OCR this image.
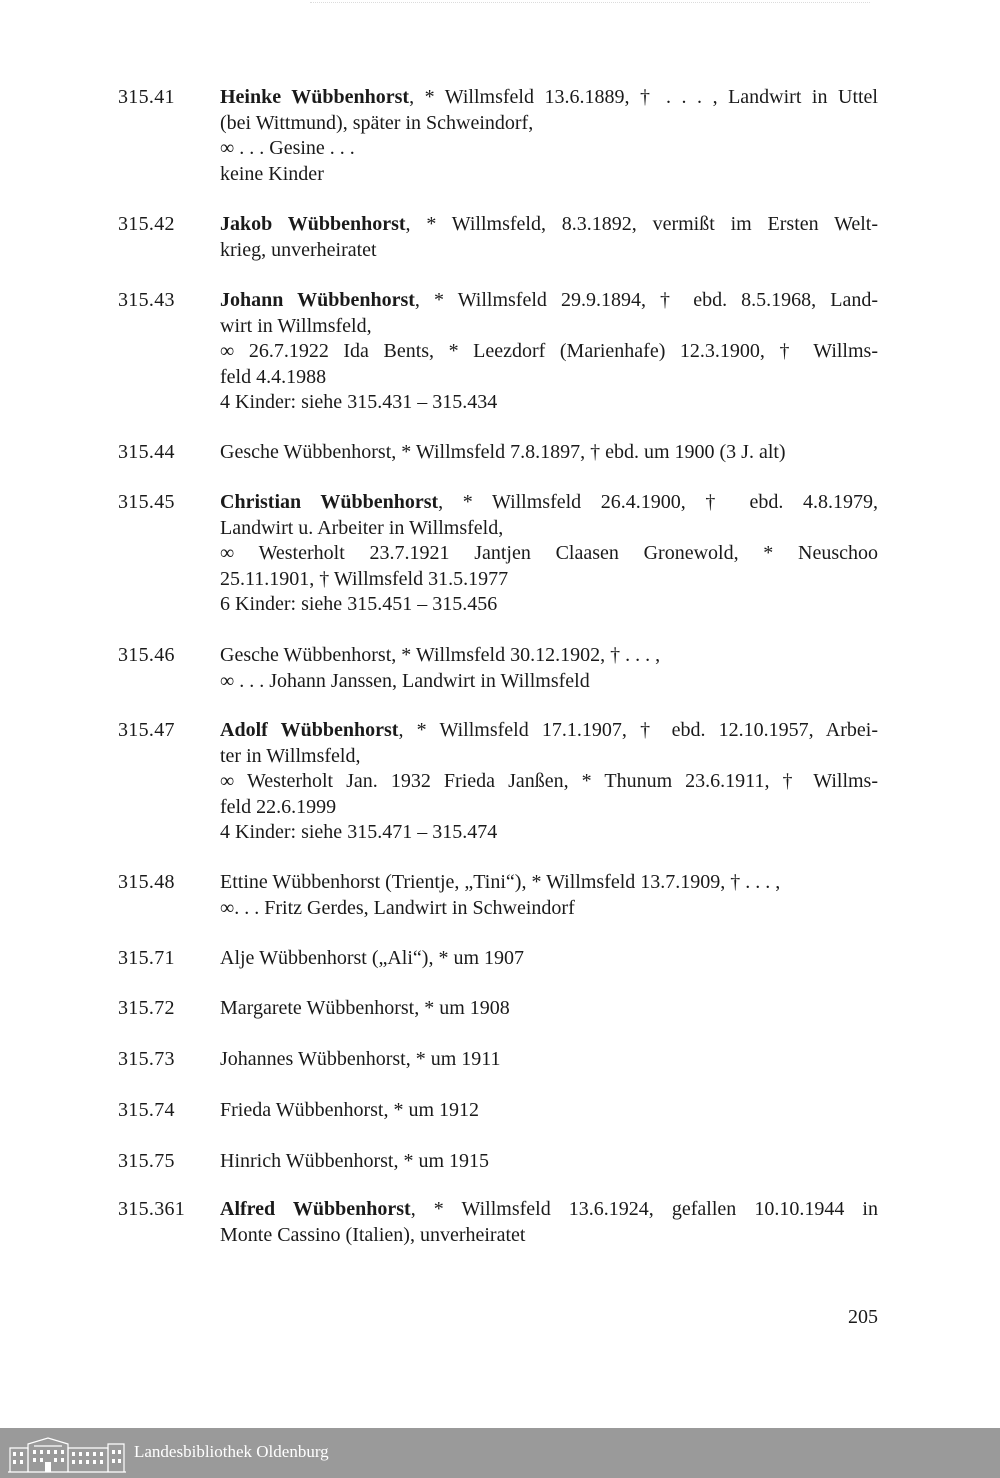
315.41	Heinke Wübbenhorst, * Willmsfeld 13.6.1889, † . . . , Landwirt in Uttel
(bei Wittmund), später in Schweindorf,
∞ . . . Gesine . . .
keine Kinder
315.42	Jakob Wübbenhorst, * Willmsfeld, 8.3.1892, vermißt im Ersten Welt-
krieg, unverheiratet
315.43	Johann Wübbenhorst, * Willmsfeld 29.9.1894, † ebd. 8.5.1968, Land-
wirt in Willmsfeld,
∞ 26.7.1922 Ida Bents, * Leezdorf (Marienhafe) 12.3.1900, † Willms-
feld 4.4.1988
4 Kinder: siehe 315.431 – 315.434
315.44	Gesche Wübbenhorst, * Willmsfeld 7.8.1897, † ebd. um 1900 (3 J. alt)
315.45	Christian Wübbenhorst, * Willmsfeld 26.4.1900, † ebd. 4.8.1979,
Landwirt u. Arbeiter in Willmsfeld,
∞ Westerholt 23.7.1921 Jantjen Claasen Gronewold, * Neuschoo
25.11.1901, † Willmsfeld 31.5.1977
6 Kinder: siehe 315.451 – 315.456
315.46	Gesche Wübbenhorst, * Willmsfeld 30.12.1902, † . . . ,
∞ . . . Johann Janssen, Landwirt in Willmsfeld
315.47	Adolf Wübbenhorst, * Willmsfeld 17.1.1907, † ebd. 12.10.1957, Arbei-
ter in Willmsfeld,
∞ Westerholt Jan. 1932 Frieda Janßen, * Thunum 23.6.1911, † Willms-
feld 22.6.1999
4 Kinder: siehe 315.471 – 315.474
315.48	Ettine Wübbenhorst (Trientje, „Tini“), * Willmsfeld 13.7.1909, † . . . ,
∞. . . Fritz Gerdes, Landwirt in Schweindorf
315.71	Alje Wübbenhorst („Ali“), * um 1907
315.72	Margarete Wübbenhorst, * um 1908
315.73	Johannes Wübbenhorst, * um 1911
315.74	Frieda Wübbenhorst, * um 1912
315.75	Hinrich Wübbenhorst, * um 1915
315.361	Alfred Wübbenhorst, * Willmsfeld 13.6.1924, gefallen 10.10.1944 in
Monte Cassino (Italien), unverheiratet
205
Landesbibliothek Oldenburg
